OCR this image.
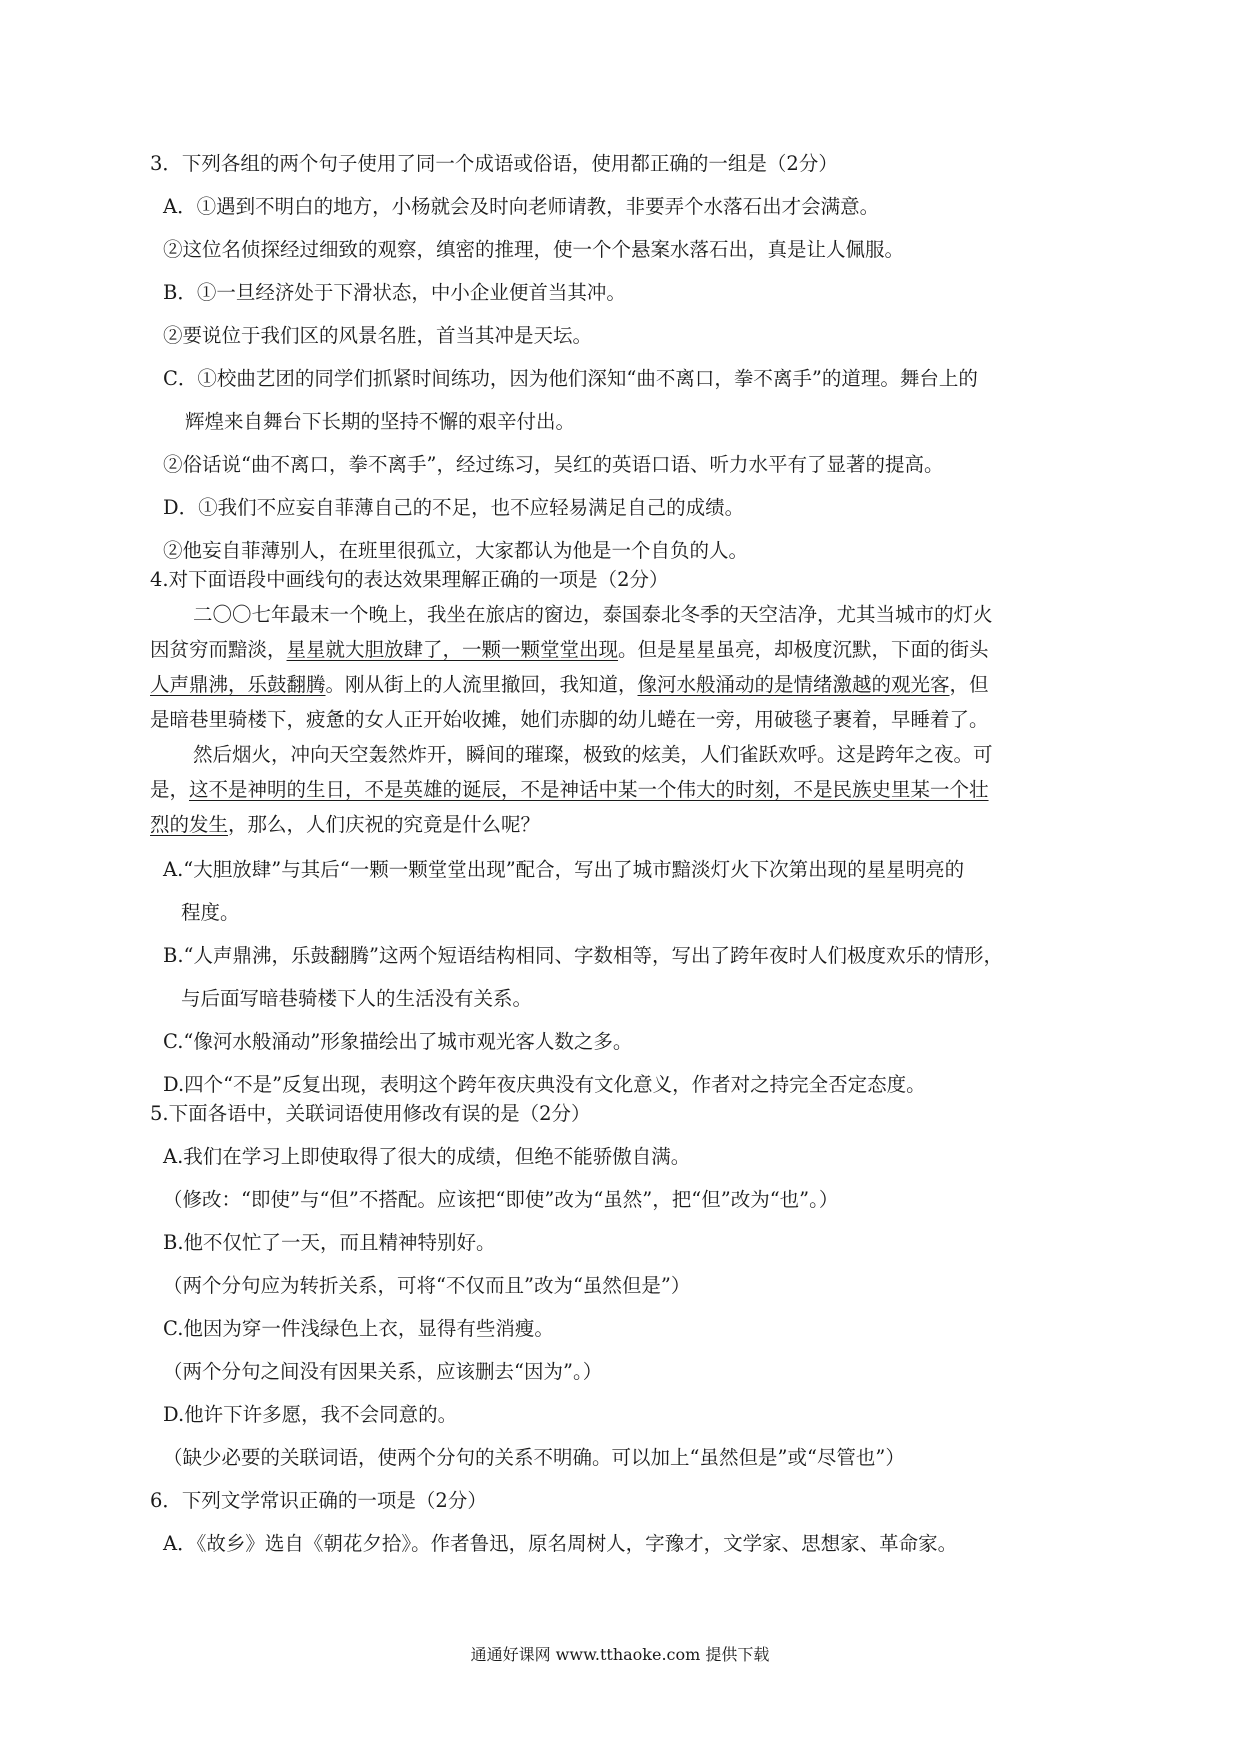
3．下列各组的两个句子使用了同一个成语或俗语，使用都正确的一组是（2分）
A．①遇到不明白的地方，小杨就会及时向老师请教，非要弄个水落石出才会满意。
②这位名侦探经过细致的观察，缜密的推理，使一个个悬案水落石出，真是让人佩服。
B．①一旦经济处于下滑状态，中小企业便首当其冲。
②要说位于我们区的风景名胜，首当其冲是天坛。
C．①校曲艺团的同学们抓紧时间练功，因为他们深知“曲不离口，拳不离手”的道理。舞台上的
辉煌来自舞台下长期的坚持不懈的艰辛付出。
②俗话说“曲不离口，拳不离手”，经过练习，吴红的英语口语、听力水平有了显著的提高。
D．①我们不应妄自菲薄自己的不足，也不应轻易满足自己的成绩。
②他妄自菲薄别人，在班里很孤立，大家都认为他是一个自负的人。
4.对下面语段中画线句的表达效果理解正确的一项是（2分）
二〇〇七年最末一个晚上，我坐在旅店的窗边，泰国泰北冬季的天空洁净，尤其当城市的灯火
因贫穷而黯淡，星星就大胆放肆了，一颗一颗堂堂出现。但是星星虽亮，却极度沉默，下面的街头
人声鼎沸，乐鼓翻腾。刚从街上的人流里撤回，我知道，像河水般涌动的是情绪激越的观光客，但
是暗巷里骑楼下，疲惫的女人正开始收摊，她们赤脚的幼儿蜷在一旁，用破毯子裹着，早睡着了。
然后烟火，冲向天空轰然炸开，瞬间的璀璨，极致的炫美，人们雀跃欢呼。这是跨年之夜。可
是，这不是神明的生日，不是英雄的诞辰，不是神话中某一个伟大的时刻，不是民族史里某一个壮
烈的发生，那么，人们庆祝的究竟是什么呢？
A.“大胆放肆”与其后“一颗一颗堂堂出现”配合，写出了城市黯淡灯火下次第出现的星星明亮的
程度。
B.“人声鼎沸，乐鼓翻腾”这两个短语结构相同、字数相等，写出了跨年夜时人们极度欢乐的情形，
与后面写暗巷骑楼下人的生活没有关系。
C.“像河水般涌动”形象描绘出了城市观光客人数之多。
D.四个“不是”反复出现，表明这个跨年夜庆典没有文化意义，作者对之持完全否定态度。
5.下面各语中，关联词语使用修改有误的是（2分）
A.我们在学习上即使取得了很大的成绩，但绝不能骄傲自满。
（修改：“即使”与“但”不搭配。应该把“即使”改为“虽然”，把“但”改为“也”。）
B.他不仅忙了一天，而且精神特别好。
（两个分句应为转折关系，可将“不仅而且”改为“虽然但是”）
C.他因为穿一件浅绿色上衣，显得有些消瘦。
（两个分句之间没有因果关系，应该删去“因为”。）
D.他许下许多愿，我不会同意的。
（缺少必要的关联词语，使两个分句的关系不明确。可以加上“虽然但是”或“尽管也”）
6．下列文学常识正确的一项是（2分）
A．《故乡》选自《朝花夕拾》。作者鲁迅，原名周树人，字豫才，文学家、思想家、革命家。
通通好课网 www.tthaoke.com 提供下载
